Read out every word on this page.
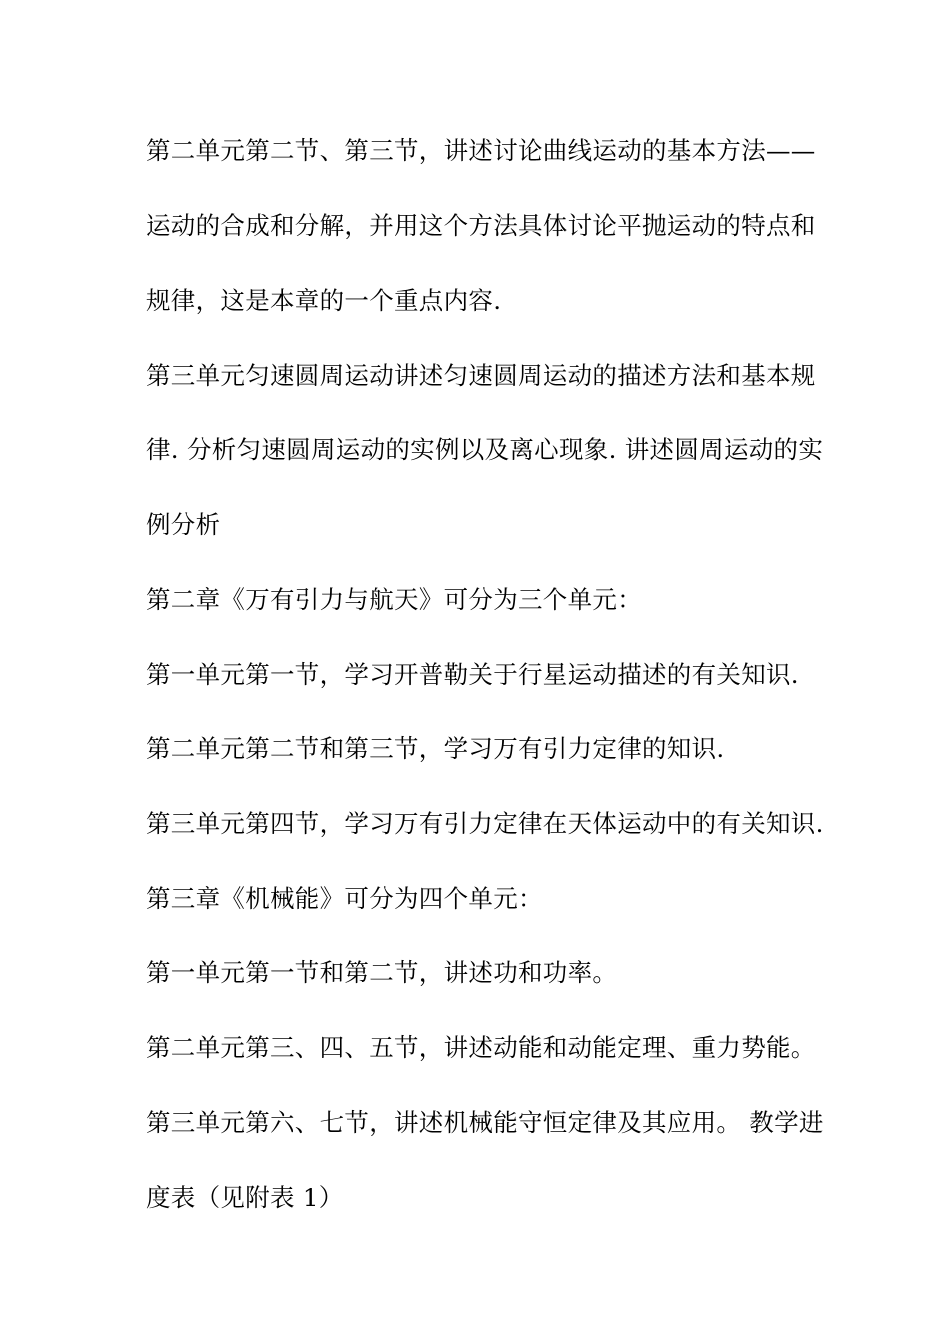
第二单元第二节、第三节，讲述讨论曲线运动的基本方法——
运动的合成和分解，并用这个方法具体讨论平抛运动的特点和
规律，这是本章的一个重点内容.
第三单元匀速圆周运动讲述匀速圆周运动的描述方法和基本规
律. 分析匀速圆周运动的实例以及离心现象. 讲述圆周运动的实
例分析
第二章《万有引力与航天》可分为三个单元：
第一单元第一节，学习开普勒关于行星运动描述的有关知识.
第二单元第二节和第三节，学习万有引力定律的知识.
第三单元第四节，学习万有引力定律在天体运动中的有关知识.
第三章《机械能》可分为四个单元：
第一单元第一节和第二节，讲述功和功率。
第二单元第三、四、五节，讲述动能和动能定理、重力势能。
第三单元第六、七节，讲述机械能守恒定律及其应用。 教学进
度表（见附表 1）
